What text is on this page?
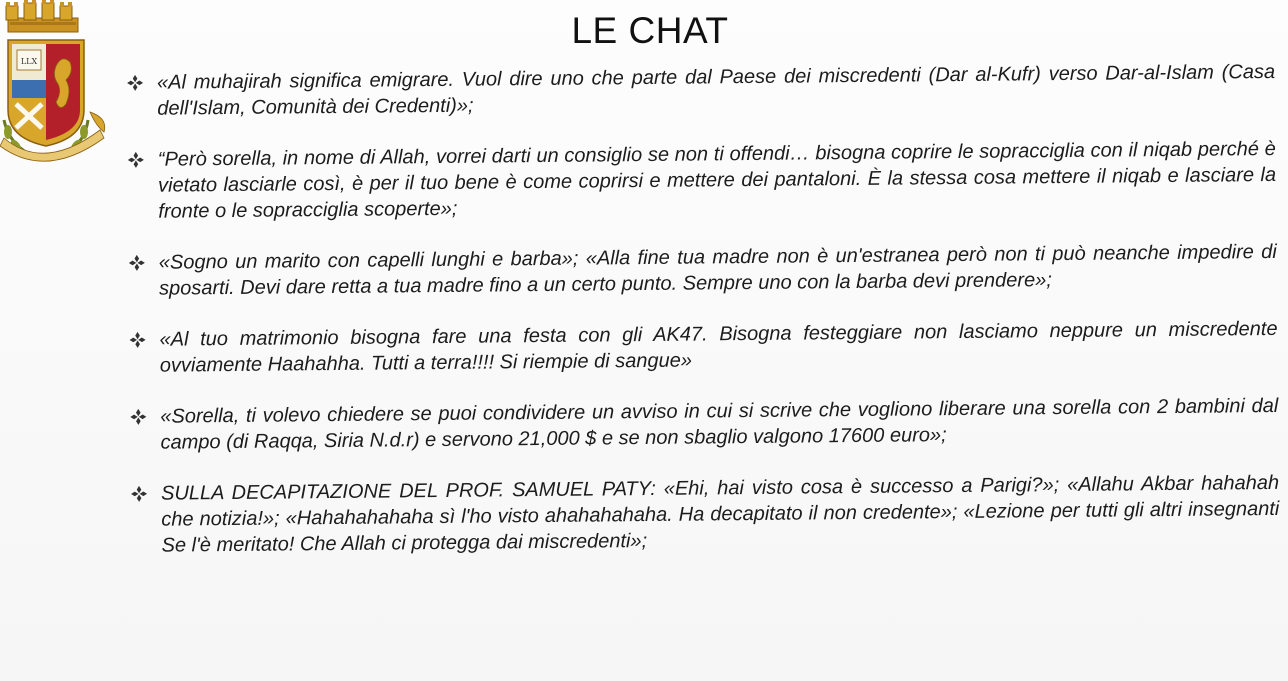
LLX
LE CHAT
«Al muhajirah significa emigrare. Vuol dire uno che parte dal Paese dei miscredenti (Dar al-Kufr) verso Dar-al-Islam (Casa dell'Islam, Comunità dei Credenti)»;
“Però sorella, in nome di Allah, vorrei darti un consiglio se non ti offendi… bisogna coprire le sopracciglia con il niqab perché è vietato lasciarle così, è per il tuo bene è come coprirsi e mettere dei pantaloni. È la stessa cosa mettere il niqab e lasciare la fronte o le sopracciglia scoperte»;
«Sogno un marito con capelli lunghi e barba»; «Alla fine tua madre non è un'estranea però non ti può neanche impedire di sposarti. Devi dare retta a tua madre fino a un certo punto. Sempre uno con la barba devi prendere»;
«Al tuo matrimonio bisogna fare una festa con gli AK47. Bisogna festeggiare non lasciamo neppure un miscredente ovviamente Haahahha. Tutti a terra!!!! Si riempie di sangue»
«Sorella, ti volevo chiedere se puoi condividere un avviso in cui si scrive che vogliono liberare una sorella con 2 bambini dal campo (di Raqqa, Siria N.d.r) e servono 21,000 $ e se non sbaglio valgono 17600 euro»;
SULLA DECAPITAZIONE DEL PROF. SAMUEL PATY: «Ehi, hai visto cosa è successo a Parigi?»; «Allahu Akbar hahahah che notizia!»; «Hahahahahaha sì l'ho visto ahahahahaha. Ha decapitato il non credente»; «Lezione per tutti gli altri insegnanti Se l'è meritato! Che Allah ci protegga dai miscredenti»;
